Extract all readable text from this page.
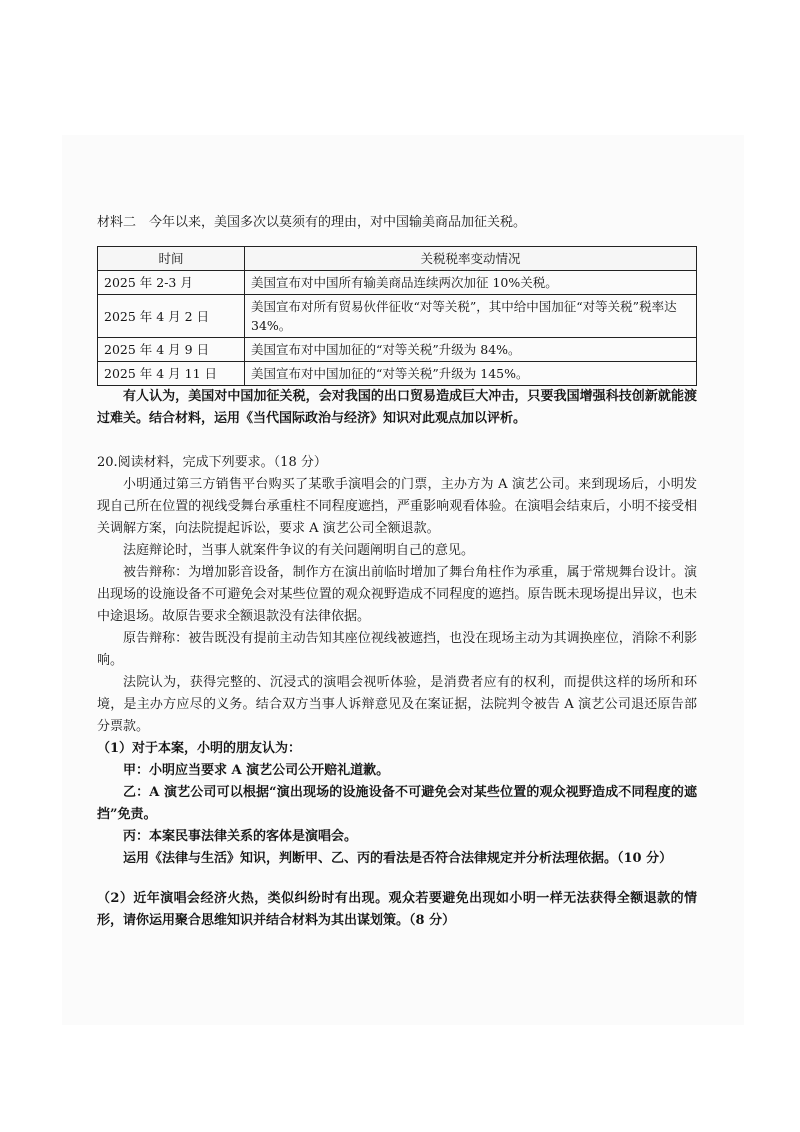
材料二　今年以来，美国多次以莫须有的理由，对中国输美商品加征关税。

时间	关税税率变动情况
2025 年 2-3 月	美国宣布对中国所有输美商品连续两次加征 10%关税。
2025 年 4 月 2 日	美国宣布对所有贸易伙伴征收“对等关税”，其中给中国加征“对等关税”税率达 34%。
2025 年 4 月 9 日	美国宣布对中国加征的“对等关税”升级为 84%。
2025 年 4 月 11 日	美国宣布对中国加征的“对等关税”升级为 145%。

有人认为，美国对中国加征关税，会对我国的出口贸易造成巨大冲击，只要我国增强科技创新就能渡过难关。结合材料，运用《当代国际政治与经济》知识对此观点加以评析。

20.阅读材料，完成下列要求。（18 分）

小明通过第三方销售平台购买了某歌手演唱会的门票，主办方为 A 演艺公司。来到现场后，小明发现自己所在位置的视线受舞台承重柱不同程度遮挡，严重影响观看体验。在演唱会结束后，小明不接受相关调解方案，向法院提起诉讼，要求 A 演艺公司全额退款。

法庭辩论时，当事人就案件争议的有关问题阐明自己的意见。

被告辩称：为增加影音设备，制作方在演出前临时增加了舞台角柱作为承重，属于常规舞台设计。演出现场的设施设备不可避免会对某些位置的观众视野造成不同程度的遮挡。原告既未现场提出异议，也未中途退场。故原告要求全额退款没有法律依据。

原告辩称：被告既没有提前主动告知其座位视线被遮挡，也没在现场主动为其调换座位，消除不利影响。

法院认为，获得完整的、沉浸式的演唱会视听体验，是消费者应有的权利，而提供这样的场所和环境，是主办方应尽的义务。结合双方当事人诉辩意见及在案证据，法院判令被告 A 演艺公司退还原告部分票款。

（1）对于本案，小明的朋友认为：

甲：小明应当要求 A 演艺公司公开赔礼道歉。

乙：A 演艺公司可以根据“演出现场的设施设备不可避免会对某些位置的观众视野造成不同程度的遮挡”免责。

丙：本案民事法律关系的客体是演唱会。

运用《法律与生活》知识，判断甲、乙、丙的看法是否符合法律规定并分析法理依据。（10 分）

（2）近年演唱会经济火热，类似纠纷时有出现。观众若要避免出现如小明一样无法获得全额退款的情形，请你运用聚合思维知识并结合材料为其出谋划策。（8 分）
